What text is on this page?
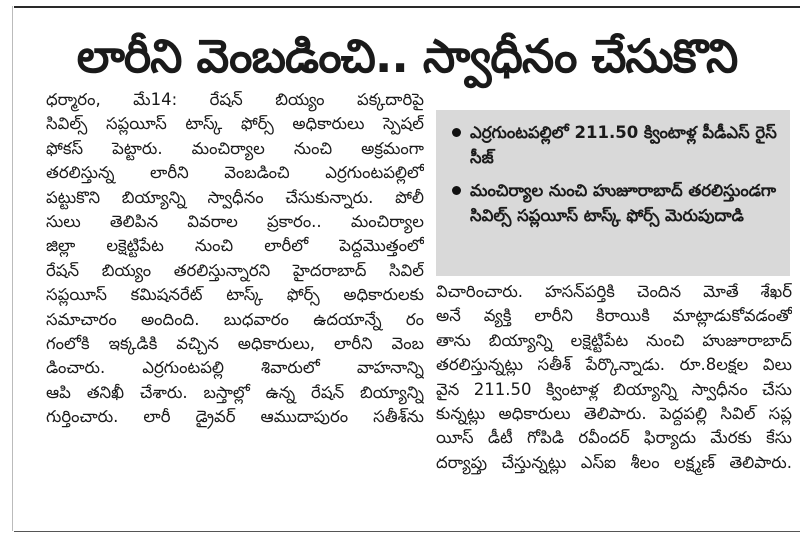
లారీని వెంబడించి.. స్వాధీనం చేసుకొని

ధర్మారం, మే14: రేషన్ బియ్యం పక్కదారిపై
సివిల్స్ సప్లయీస్ టాస్క్ ఫోర్స్ అధికారులు స్పెషల్
ఫోకస్ పెట్టారు. మంచిర్యాల నుంచి అక్రమంగా
తరలిస్తున్న లారీని వెంబడించి ఎర్రగుంటపల్లిలో
పట్టుకొని బియ్యాన్ని స్వాధీనం చేసుకున్నారు. పోలీ
సులు తెలిపిన వివరాల ప్రకారం.. మంచిర్యాల
జిల్లా లక్షెట్టిపేట నుంచి లారీలో పెద్దమొత్తంలో
రేషన్ బియ్యం తరలిస్తున్నారని హైదరాబాద్ సివిల్
సప్లయీస్ కమిషనరేట్ టాస్క్ ఫోర్స్ అధికారులకు
సమాచారం అందింది. బుధవారం ఉదయాన్నే రం
గంలోకి ఇక్కడికి వచ్చిన అధికారులు, లారీని వెంబ
డించారు. ఎర్రగుంటపల్లి శివారులో వాహనాన్ని
ఆపి తనిఖీ చేశారు. బస్తాల్లో ఉన్న రేషన్ బియ్యాన్ని
గుర్తించారు. లారీ డ్రైవర్ ఆముదాపురం సతీశ్‌ను

ఎర్రగుంటపల్లిలో 211.50 క్వింటాళ్ల పీడీఎస్ రైస్ సీజ్
మంచిర్యాల నుంచి హుజూరాబాద్ తరలిస్తుండగా సివిల్స్ సప్లయీస్ టాస్క్ ఫోర్స్ మెరుపుదాడి

విచారించారు. హసన్‌పర్తికి చెందిన మోతే శేఖర్
అనే వ్యక్తి లారీని కిరాయికి మాట్లాడుకోవడంతో
తాను బియ్యాన్ని లక్షెట్టిపేట నుంచి హుజూరాబాద్
తరలిస్తున్నట్లు సతీశ్ పేర్కొన్నాడు. రూ.8లక్షల విలు
వైన 211.50 క్వింటాళ్ల బియ్యాన్ని స్వాధీనం చేసు
కున్నట్లు అధికారులు తెలిపారు. పెద్దపల్లి సివిల్ సప్ల
యీస్ డీటీ గోపిడి రవీందర్ ఫిర్యాదు మేరకు కేసు
దర్యాప్తు చేస్తున్నట్లు ఎస్ఐ శీలం లక్ష్మణ్ తెలిపారు.
